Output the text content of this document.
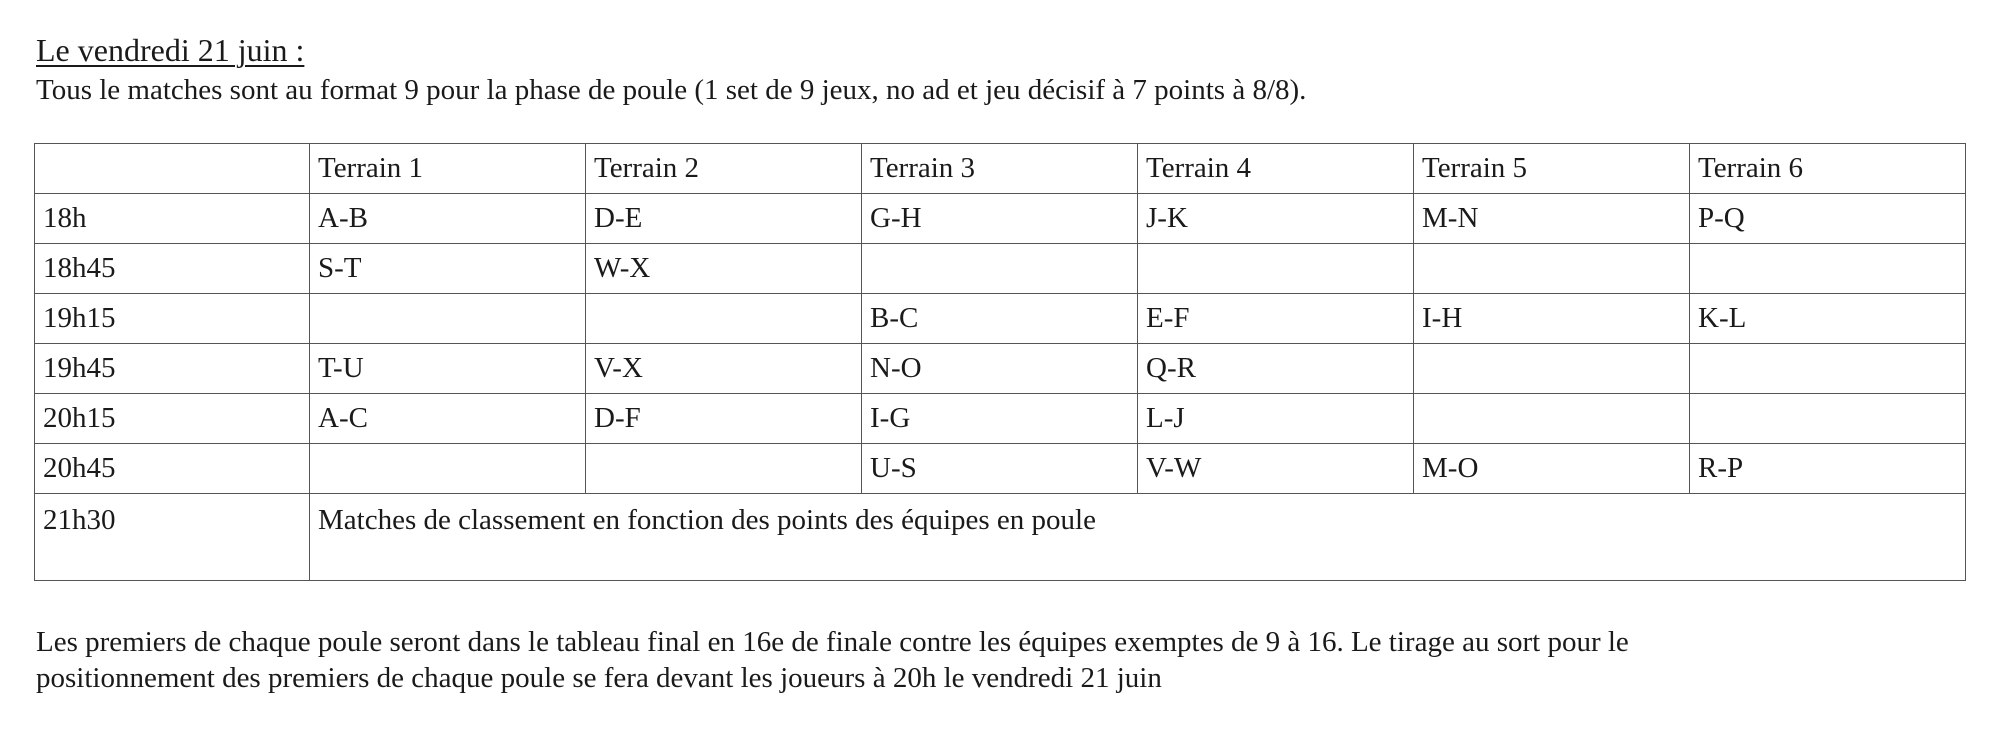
Le vendredi 21 juin :

Tous le matches sont au format 9 pour la phase de poule (1 set de 9 jeux, no ad et jeu décisif à 7 points à 8/8).

	Terrain 1	Terrain 2	Terrain 3	Terrain 4	Terrain 5	Terrain 6
18h	A-B	D-E	G-H	J-K	M-N	P-Q
18h45	S-T	W-X				
19h15			B-C	E-F	I-H	K-L
19h45	T-U	V-X	N-O	Q-R		
20h15	A-C	D-F	I-G	L-J		
20h45			U-S	V-W	M-O	R-P
21h30	Matches de classement en fonction des points des équipes en poule					

Les premiers de chaque poule seront dans le tableau final en 16e de finale contre les équipes exemptes de 9 à 16. Le tirage au sort pour le
positionnement des premiers de chaque poule se fera devant les joueurs à 20h le vendredi 21 juin
